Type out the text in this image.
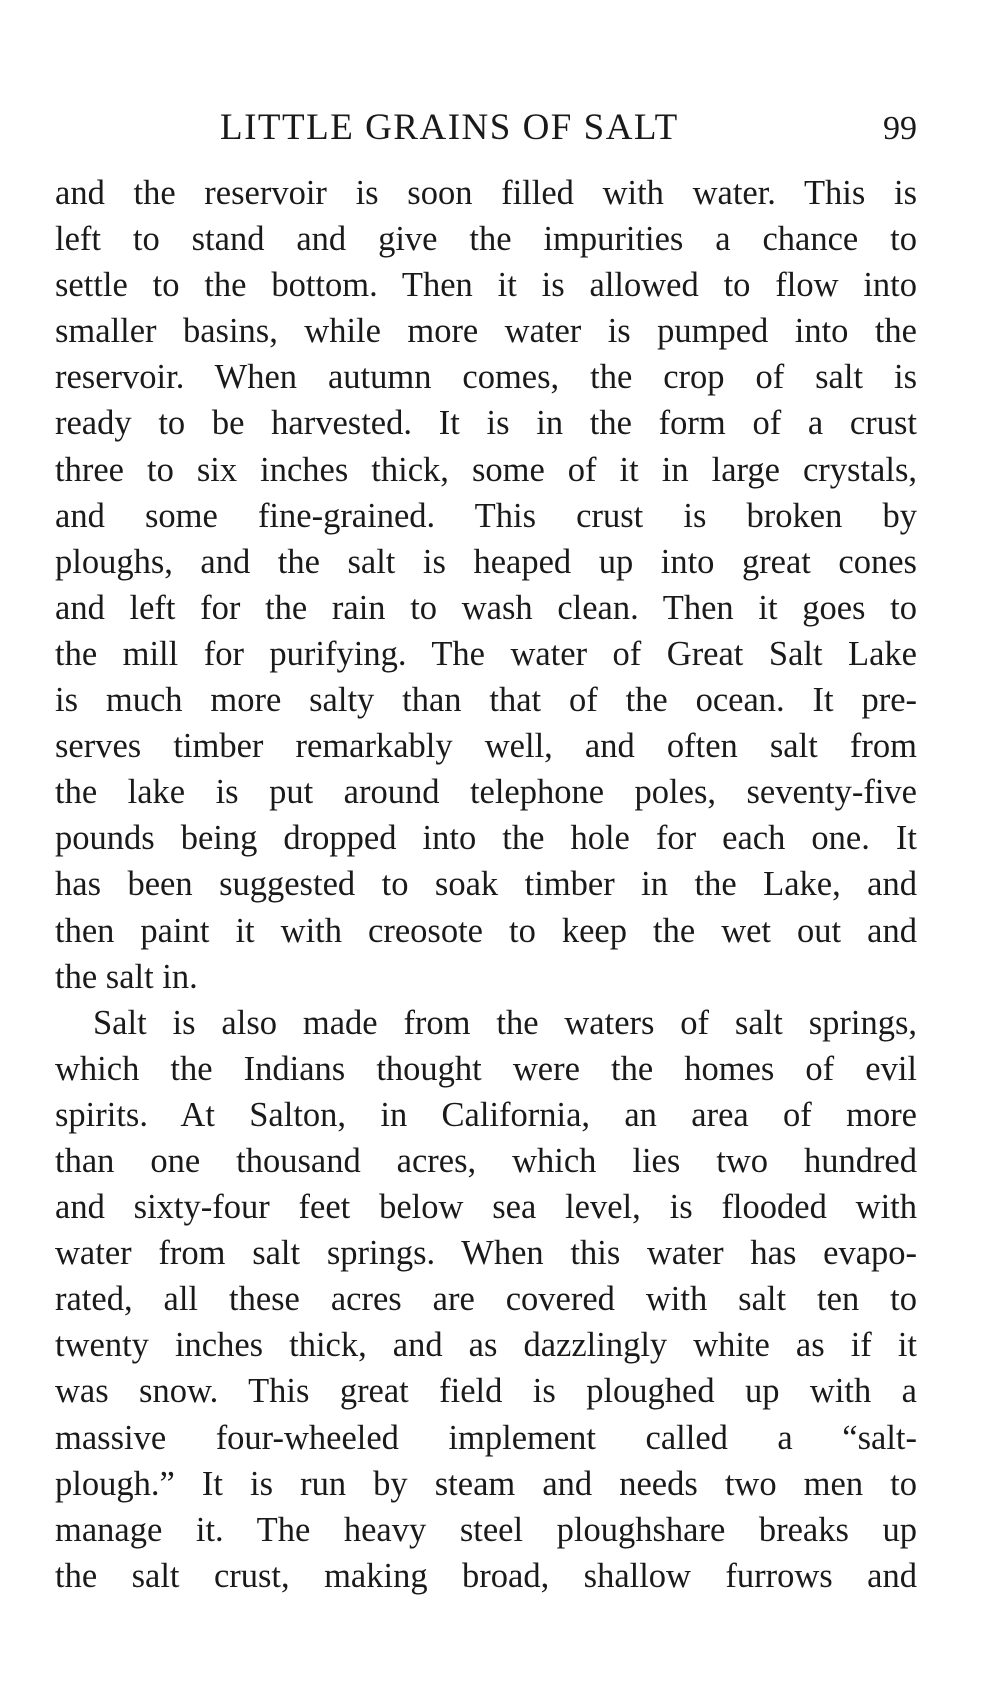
LITTLE GRAINS OF SALT	99
and the reservoir is soon filled with water. This is
left to stand and give the impurities a chance to
settle to the bottom. Then it is allowed to flow into
smaller basins, while more water is pumped into the
reservoir. When autumn comes, the crop of salt is
ready to be harvested. It is in the form of a crust
three to six inches thick, some of it in large crystals,
and some fine-grained. This crust is broken by
ploughs, and the salt is heaped up into great cones
and left for the rain to wash clean. Then it goes to
the mill for purifying. The water of Great Salt Lake
is much more salty than that of the ocean. It pre-
serves timber remarkably well, and often salt from
the lake is put around telephone poles, seventy-five
pounds being dropped into the hole for each one. It
has been suggested to soak timber in the Lake, and
then paint it with creosote to keep the wet out and
the salt in.
Salt is also made from the waters of salt springs,
which the Indians thought were the homes of evil
spirits. At Salton, in California, an area of more
than one thousand acres, which lies two hundred
and sixty-four feet below sea level, is flooded with
water from salt springs. When this water has evapo-
rated, all these acres are covered with salt ten to
twenty inches thick, and as dazzlingly white as if it
was snow. This great field is ploughed up with a
massive four-wheeled implement called a “salt-
plough.” It is run by steam and needs two men to
manage it. The heavy steel ploughshare breaks up
the salt crust, making broad, shallow furrows and
